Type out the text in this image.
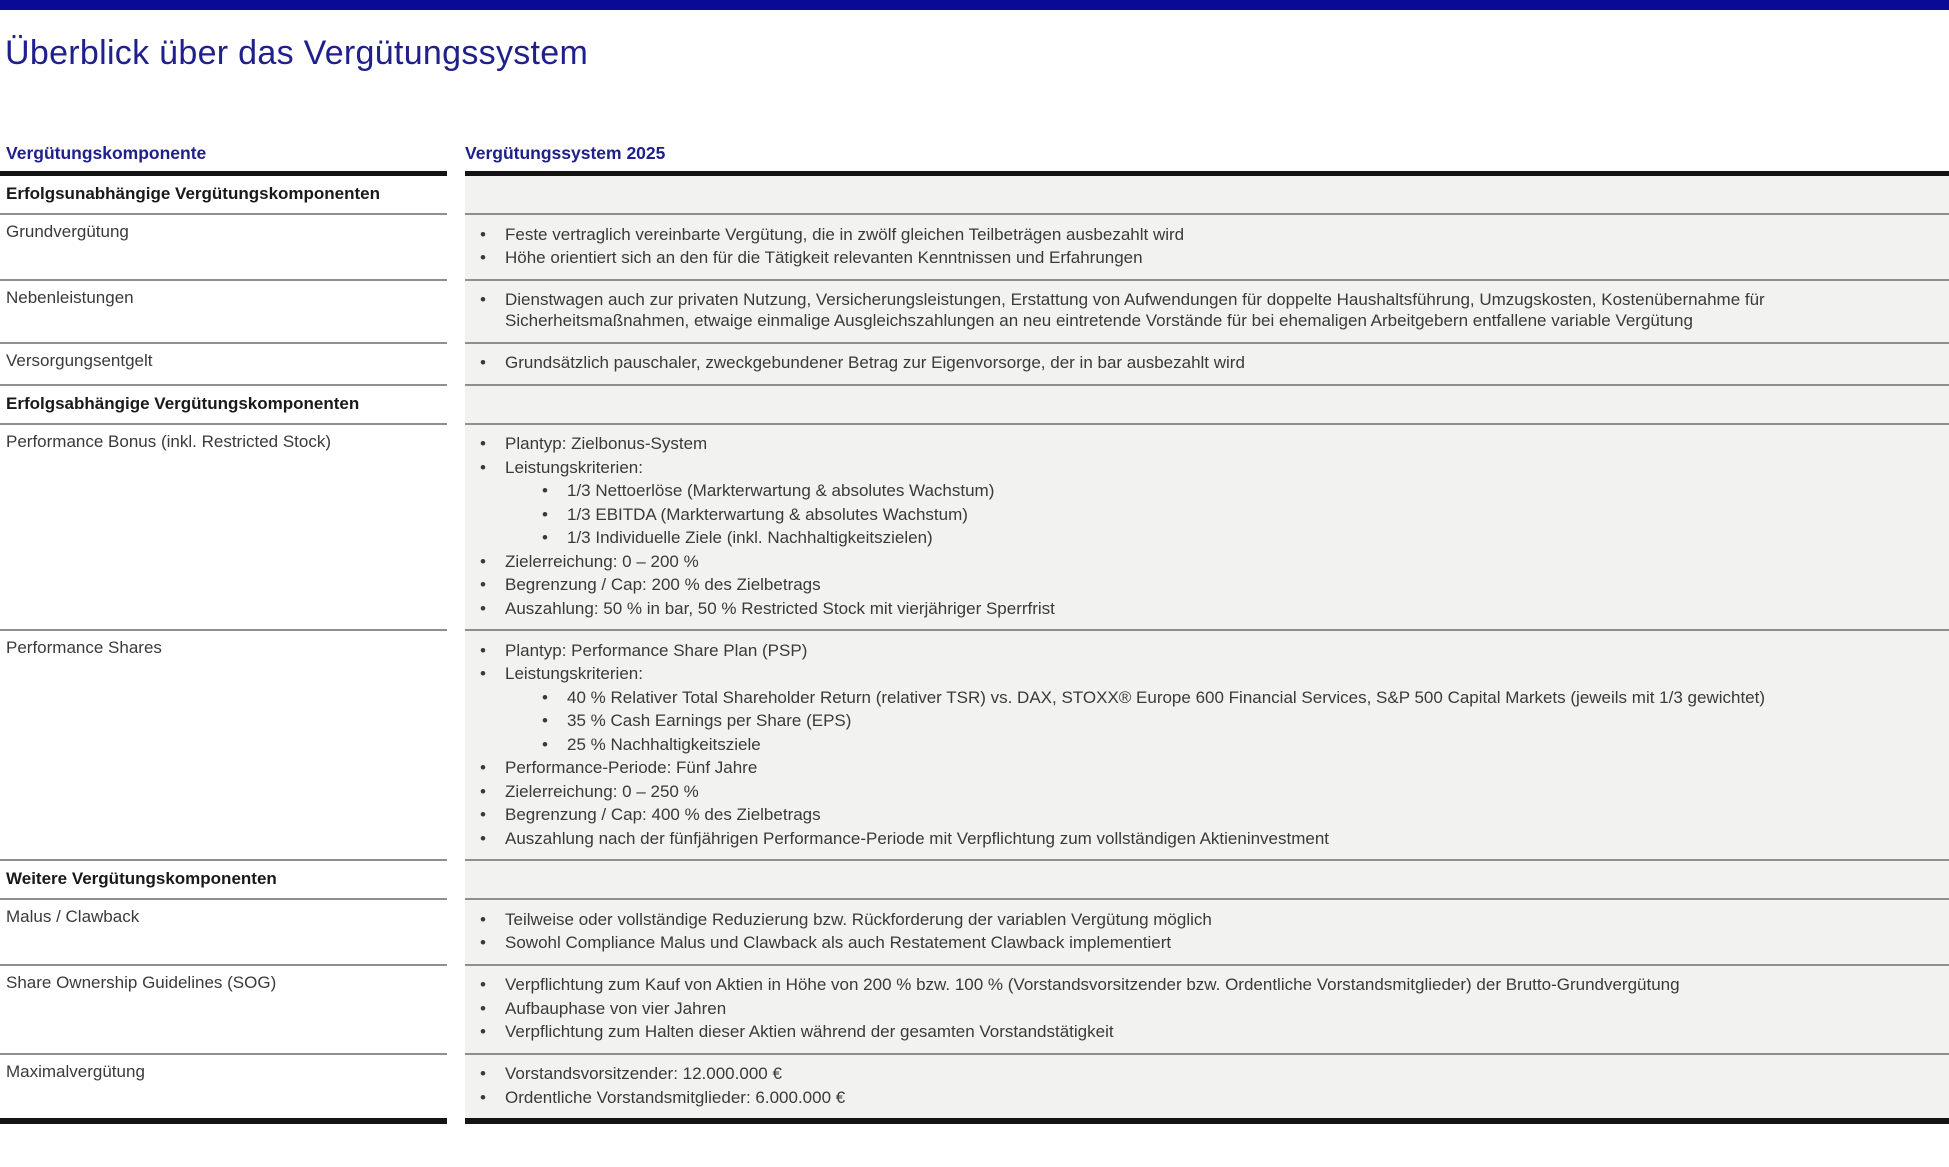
Überblick über das Vergütungssystem
Vergütungskomponente	Vergütungssystem 2025
Erfolgsunabhängige Vergütungskomponenten
Grundvergütung	• Feste vertraglich vereinbarte Vergütung, die in zwölf gleichen Teilbeträgen ausbezahlt wird
• Höhe orientiert sich an den für die Tätigkeit relevanten Kenntnissen und Erfahrungen
Nebenleistungen	• Dienstwagen auch zur privaten Nutzung, Versicherungsleistungen, Erstattung von Aufwendungen für doppelte Haushaltsführung, Umzugskosten, Kostenübernahme für Sicherheitsmaßnahmen, etwaige einmalige Ausgleichszahlungen an neu eintretende Vorstände für bei ehemaligen Arbeitgebern entfallene variable Vergütung
Versorgungsentgelt	• Grundsätzlich pauschaler, zweckgebundener Betrag zur Eigenvorsorge, der in bar ausbezahlt wird
Erfolgsabhängige Vergütungskomponenten
Performance Bonus (inkl. Restricted Stock)	• Plantyp: Zielbonus-System
• Leistungskriterien:
• 1/3 Nettoerlöse (Markterwartung & absolutes Wachstum)
• 1/3 EBITDA (Markterwartung & absolutes Wachstum)
• 1/3 Individuelle Ziele (inkl. Nachhaltigkeitszielen)
• Zielerreichung: 0 – 200 %
• Begrenzung / Cap: 200 % des Zielbetrags
• Auszahlung: 50 % in bar, 50 % Restricted Stock mit vierjähriger Sperrfrist
Performance Shares	• Plantyp: Performance Share Plan (PSP)
• Leistungskriterien:
• 40 % Relativer Total Shareholder Return (relativer TSR) vs. DAX, STOXX® Europe 600 Financial Services, S&P 500 Capital Markets (jeweils mit 1/3 gewichtet)
• 35 % Cash Earnings per Share (EPS)
• 25 % Nachhaltigkeitsziele
• Performance-Periode: Fünf Jahre
• Zielerreichung: 0 – 250 %
• Begrenzung / Cap: 400 % des Zielbetrags
• Auszahlung nach der fünfjährigen Performance-Periode mit Verpflichtung zum vollständigen Aktieninvestment
Weitere Vergütungskomponenten
Malus / Clawback	• Teilweise oder vollständige Reduzierung bzw. Rückforderung der variablen Vergütung möglich
• Sowohl Compliance Malus und Clawback als auch Restatement Clawback implementiert
Share Ownership Guidelines (SOG)	• Verpflichtung zum Kauf von Aktien in Höhe von 200 % bzw. 100 % (Vorstandsvorsitzender bzw. Ordentliche Vorstandsmitglieder) der Brutto-Grundvergütung
• Aufbauphase von vier Jahren
• Verpflichtung zum Halten dieser Aktien während der gesamten Vorstandstätigkeit
Maximalvergütung	• Vorstandsvorsitzender: 12.000.000 €
• Ordentliche Vorstandsmitglieder: 6.000.000 €
